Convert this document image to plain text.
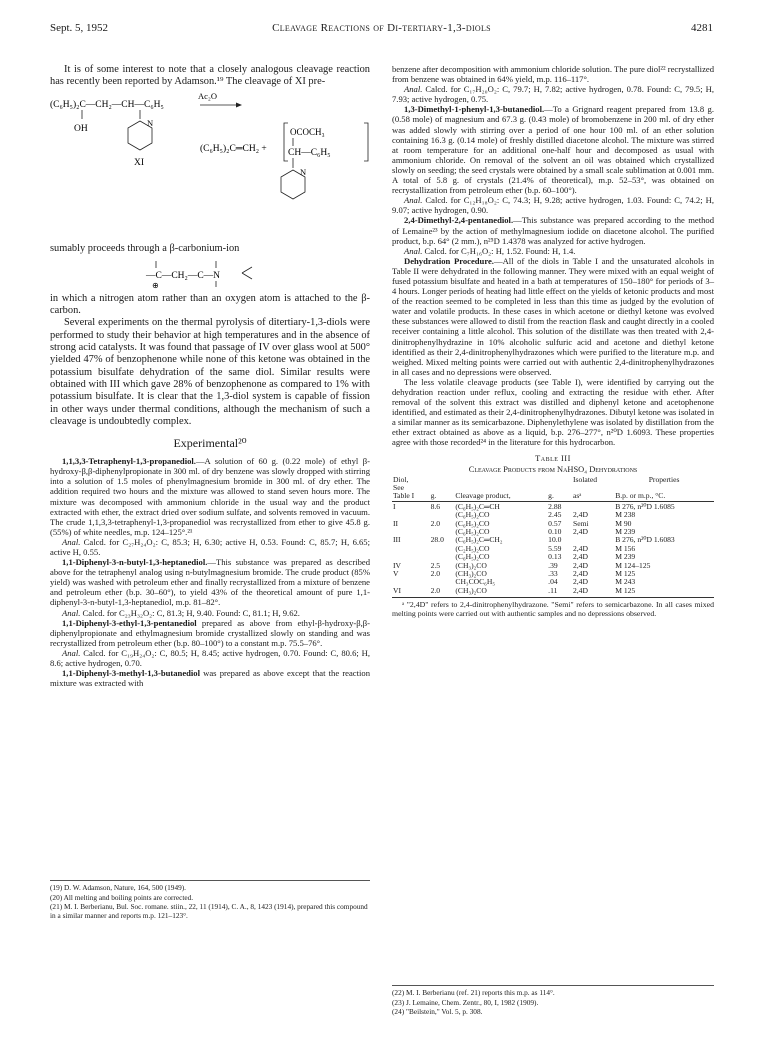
Sept. 5, 1952	Cleavage Reactions of Di-tertiary-1,3-diols	4281

It is of some interest to note that a closely analogous cleavage reaction has recently been reported by Adamson.¹⁹ The cleavage of XI pre-

(C₆H₅)₂C—CH₂—CH—C₆H₅
Ac₂O
OH
N
XI
(C₆H₅)₂C═CH₂ +
OCOCH₃
CH—C₆H₅
N

sumably proceeds through a β-carbonium-ion

—C—CH₂—C—N
⊕

in which a nitrogen atom rather than an oxygen atom is attached to the β-carbon.

Several experiments on the thermal pyrolysis of ditertiary-1,3-diols were performed to study their behavior at high temperatures and in the absence of strong acid catalysts. It was found that passage of IV over glass wool at 500° yielded 47% of benzophenone while none of this ketone was obtained in the potassium bisulfate dehydration of the same diol. Similar results were obtained with III which gave 28% of benzophenone as compared to 1% with potassium bisulfate. It is clear that the 1,3-diol system is capable of fission in other ways under thermal conditions, although the mechanism of such a cleavage is undoubtedly complex.

Experimental²⁰

1,1,3,3-Tetraphenyl-1,3-propanediol.—A solution of 60 g. (0.22 mole) of ethyl β-hydroxy-β,β-diphenylpropionate in 300 ml. of dry benzene was slowly dropped with stirring into a solution of 1.5 moles of phenylmagnesium bromide in 300 ml. of dry ether. The addition required two hours and the mixture was allowed to stand seven hours more. The mixture was decomposed with ammonium chloride in the usual way and the product extracted with ether, the extract dried over sodium sulfate, and solvents removed in vacuum. The crude 1,1,3,3-tetraphenyl-1,3-propanediol was recrystallized from ether to give 45.8 g. (55%) of white needles, m.p. 124–125°.²¹

Anal. Calcd. for C₂₇H₂₄O₂: C, 85.3; H, 6.30; active H, 0.53. Found: C, 85.7; H, 6.65; active H, 0.55.

1,1-Diphenyl-3-n-butyl-1,3-heptanediol.—This substance was prepared as described above for the tetraphenyl analog using n-butylmagnesium bromide. The crude product (85% yield) was washed with petroleum ether and finally recrystallized from a mixture of benzene and petroleum ether (b.p. 30–60°), to yield 43% of the theoretical amount of pure 1,1-diphenyl-3-n-butyl-1,3-heptanediol, m.p. 81–82°.

Anal. Calcd. for C₂₃H₃₂O₂: C, 81.3; H, 9.40. Found: C, 81.1; H, 9.62.

1,1-Diphenyl-3-ethyl-1,3-pentanediol prepared as above from ethyl-β-hydroxy-β,β-diphenylpropionate and ethylmagnesium bromide crystallized slowly on standing and was recrystallized from petroleum ether (b.p. 80–100°) to a constant m.p. 75.5–76°.

Anal. Calcd. for C₁₉H₂₄O₂: C, 80.5; H, 8.45; active hydrogen, 0.70. Found: C, 80.6; H, 8.6; active hydrogen, 0.70.

1,1-Diphenyl-3-methyl-1,3-butanediol was prepared as above except that the reaction mixture was extracted with

(19) D. W. Adamson, Nature, 164, 500 (1949).

(20) All melting and boiling points are corrected.

(21) M. I. Berberianu, Bul. Soc. romane. stiin., 22, 11 (1914), C. A., 8, 1423 (1914), prepared this compound in a similar manner and reports m.p. 121–123°.

benzene after decomposition with ammonium chloride solution. The pure diol²² recrystallized from benzene was obtained in 64% yield, m.p. 116–117°.

Anal. Calcd. for C₁₇H₂₀O₂: C, 79.7; H, 7.82; active hydrogen, 0.78. Found: C, 79.5; H, 7.93; active hydrogen, 0.75.

1,3-Dimethyl-1-phenyl-1,3-butanediol.—To a Grignard reagent prepared from 13.8 g. (0.58 mole) of magnesium and 67.3 g. (0.43 mole) of bromobenzene in 200 ml. of dry ether was added slowly with stirring over a period of one hour 100 ml. of an ether solution containing 16.3 g. (0.14 mole) of freshly distilled diacetone alcohol. The mixture was stirred at room temperature for an additional one-half hour and decomposed as usual with ammonium chloride. On removal of the solvent an oil was obtained which crystallized slowly on seeding; the seed crystals were obtained by a small scale sublimation at 0.001 mm. A total of 5.8 g. of crystals (21.4% of theoretical), m.p. 52–53°, was obtained on recrystallization from petroleum ether (b.p. 60–100°).

Anal. Calcd. for C₁₂H₁₈O₂: C, 74.3; H, 9.28; active hydrogen, 1.03. Found: C, 74.2; H, 9.07; active hydrogen, 0.90.

2,4-Dimethyl-2,4-pentanediol.—This substance was prepared according to the method of Lemaine²³ by the action of methylmagnesium iodide on diacetone alcohol. The purified product, b.p. 64° (2 mm.), n²⁵D 1.4378 was analyzed for active hydrogen.

Anal. Calcd. for C₇H₁₆O₂: H, 1.52. Found: H, 1.4.

Dehydration Procedure.—All of the diols in Table I and the unsaturated alcohols in Table II were dehydrated in the following manner. They were mixed with an equal weight of fused potassium bisulfate and heated in a bath at temperatures of 150–180° for periods of 3–4 hours. Longer periods of heating had little effect on the yields of ketonic products and most of the reaction seemed to be completed in less than this time as judged by the evolution of water and volatile products. In these cases in which acetone or diethyl ketone was evolved these substances were allowed to distil from the reaction flask and caught directly in a cooled receiver containing a little alcohol. This solution of the distillate was then treated with 2,4-dinitrophenylhydrazine in 10% alcoholic sulfuric acid and acetone and diethyl ketone identified as their 2,4-dinitrophenylhydrazones which were purified to the literature m.p. and weighed. Mixed melting points were carried out with authentic 2,4-dinitrophenylhydrazones in all cases and no depressions were observed.

The less volatile cleavage products (see Table I), were identified by carrying out the dehydration reaction under reflux, cooling and extracting the residue with ether. After removal of the solvent this extract was distilled and diphenyl ketone and acetophenone identified, and estimated as their 2,4-dinitrophenylhydrazones. Dibutyl ketone was isolated in a similar manner as its semicarbazone. Diphenylethylene was isolated by distillation from the ether extract obtained as above as a liquid, b.p. 276–277°, n²⁰D 1.6093. These properties agree with those recorded²⁴ in the literature for this hydrocarbon.

Table III
Cleavage Products from NaHSO₄ Dehydrations
Diol,				Isolated	Properties
See					
Table I	g.	Cleavage product,	g.	asᵃ	B.p. or m.p., °C.
I	8.6	(C₆H₅)₂C═CH	2.88		B 276, n²⁰D 1.6085
		(C₆H₅)₂CO	2.45	2,4D	M 238
II	2.0	(C₆H₅)₂CO	0.57	Semi	M 90
		(C₆H₅)₂CO	0.10	2,4D	M 239
III	28.0	(C₆H₅)₂C═CH₂	10.0		B 276, n²⁰D 1.6083
		(C₂H₅)₂CO	5.59	2,4D	M 156
		(C₆H₅)₂CO	0.13	2,4D	M 239
IV	2.5	(CH₃)₂CO	.39	2,4D	M 124–125
V	2.0	(CH₃)₂CO	.33	2,4D	M 125
		CH₃COC₆H₅	.04	2,4D	M 243
VI	2.0	(CH₃)₂CO	.11	2,4D	M 125

ᵃ "2,4D" refers to 2,4-dinitrophenylhydrazone. "Semi" refers to semicarbazone. In all cases mixed melting points were carried out with authentic samples and no depressions observed.

(22) M. I. Berberianu (ref. 21) reports this m.p. as 114°.

(23) J. Lemaine, Chem. Zentr., 80, I, 1982 (1909).

(24) "Beilstein," Vol. 5, p. 308.
